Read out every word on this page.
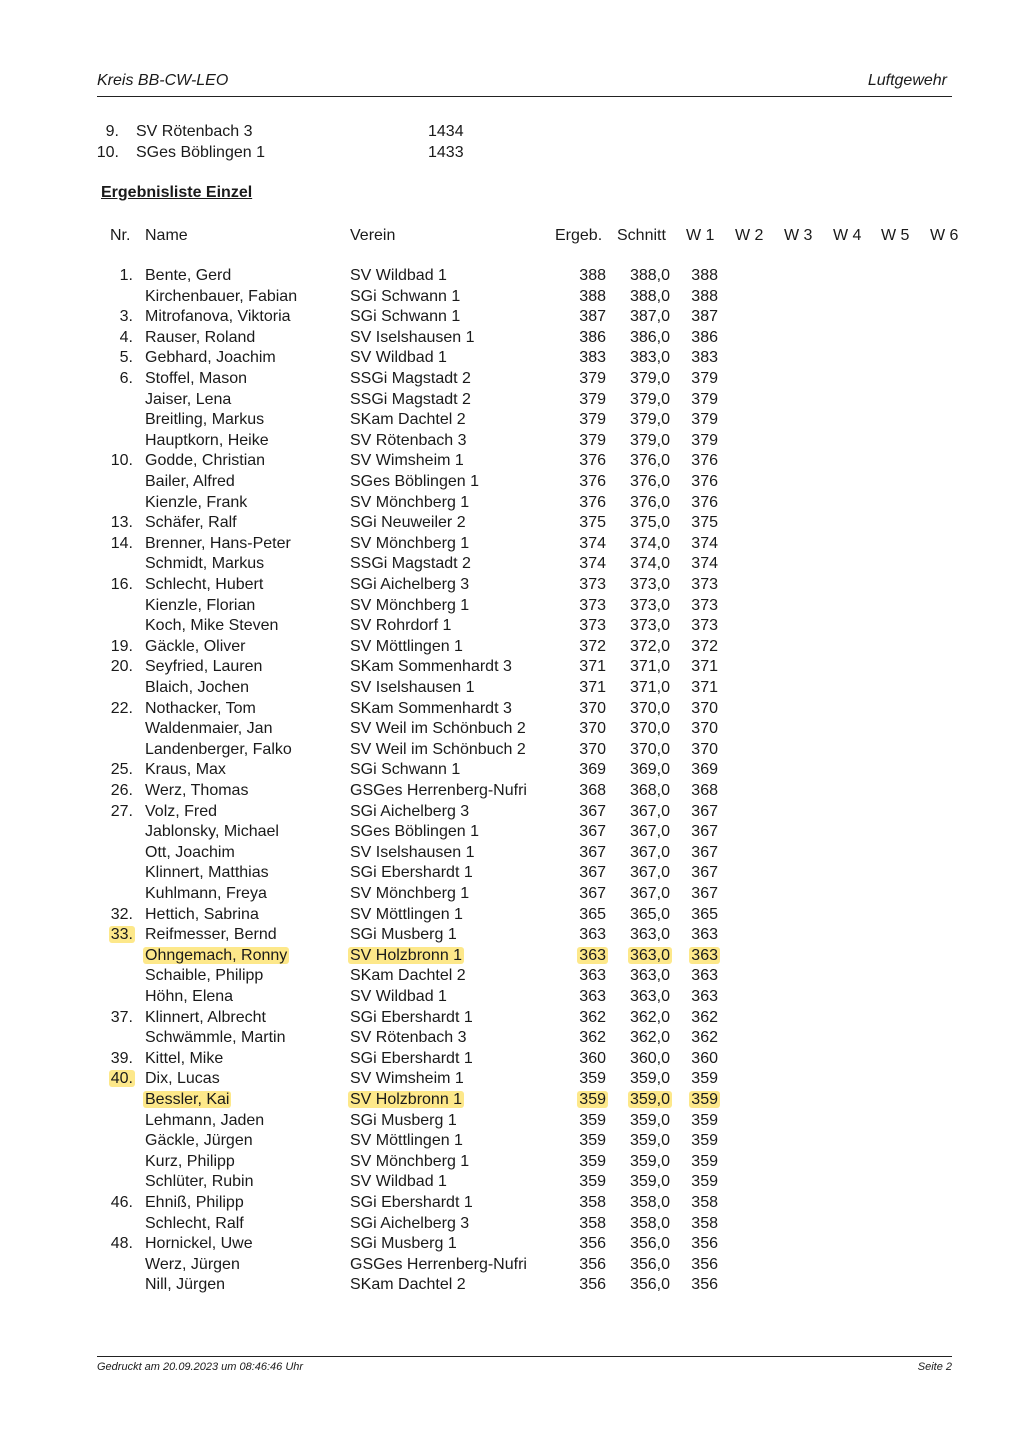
Kreis BB-CW-LEO	Luftgewehr
9. SV Rötenbach 3	1434
10. SGes Böblingen 1	1433
Ergebnisliste Einzel
Nr. Name	Verein	Ergeb. Schnitt W 1 W 2 W 3 W 4 W 5 W 6
1. Bente, Gerd	SV Wildbad 1	388	388,0	388
Kirchenbauer, Fabian	SGi Schwann 1	388	388,0	388
3. Mitrofanova, Viktoria	SGi Schwann 1	387	387,0	387
4. Rauser, Roland	SV Iselshausen 1	386	386,0	386
5. Gebhard, Joachim	SV Wildbad 1	383	383,0	383
6. Stoffel, Mason	SSGi Magstadt 2	379	379,0	379
Jaiser, Lena	SSGi Magstadt 2	379	379,0	379
Breitling, Markus	SKam Dachtel 2	379	379,0	379
Hauptkorn, Heike	SV Rötenbach 3	379	379,0	379
10. Godde, Christian	SV Wimsheim 1	376	376,0	376
Bailer, Alfred	SGes Böblingen 1	376	376,0	376
Kienzle, Frank	SV Mönchberg 1	376	376,0	376
13. Schäfer, Ralf	SGi Neuweiler 2	375	375,0	375
14. Brenner, Hans-Peter	SV Mönchberg 1	374	374,0	374
Schmidt, Markus	SSGi Magstadt 2	374	374,0	374
16. Schlecht, Hubert	SGi Aichelberg 3	373	373,0	373
Kienzle, Florian	SV Mönchberg 1	373	373,0	373
Koch, Mike Steven	SV Rohrdorf 1	373	373,0	373
19. Gäckle, Oliver	SV Möttlingen 1	372	372,0	372
20. Seyfried, Lauren	SKam Sommenhardt 3	371	371,0	371
Blaich, Jochen	SV Iselshausen 1	371	371,0	371
22. Nothacker, Tom	SKam Sommenhardt 3	370	370,0	370
Waldenmaier, Jan	SV Weil im Schönbuch 2	370	370,0	370
Landenberger, Falko	SV Weil im Schönbuch 2	370	370,0	370
25. Kraus, Max	SGi Schwann 1	369	369,0	369
26. Werz, Thomas	GSGes Herrenberg-Nufri	368	368,0	368
27. Volz, Fred	SGi Aichelberg 3	367	367,0	367
Jablonsky, Michael	SGes Böblingen 1	367	367,0	367
Ott, Joachim	SV Iselshausen 1	367	367,0	367
Klinnert, Matthias	SGi Ebershardt 1	367	367,0	367
Kuhlmann, Freya	SV Mönchberg 1	367	367,0	367
32. Hettich, Sabrina	SV Möttlingen 1	365	365,0	365
33. Reifmesser, Bernd	SGi Musberg 1	363	363,0	363
Ohngemach, Ronny	SV Holzbronn 1	363	363,0	363
Schaible, Philipp	SKam Dachtel 2	363	363,0	363
Höhn, Elena	SV Wildbad 1	363	363,0	363
37. Klinnert, Albrecht	SGi Ebershardt 1	362	362,0	362
Schwämmle, Martin	SV Rötenbach 3	362	362,0	362
39. Kittel, Mike	SGi Ebershardt 1	360	360,0	360
40. Dix, Lucas	SV Wimsheim 1	359	359,0	359
Bessler, Kai	SV Holzbronn 1	359	359,0	359
Lehmann, Jaden	SGi Musberg 1	359	359,0	359
Gäckle, Jürgen	SV Möttlingen 1	359	359,0	359
Kurz, Philipp	SV Mönchberg 1	359	359,0	359
Schlüter, Rubin	SV Wildbad 1	359	359,0	359
46. Ehniß, Philipp	SGi Ebershardt 1	358	358,0	358
Schlecht, Ralf	SGi Aichelberg 3	358	358,0	358
48. Hornickel, Uwe	SGi Musberg 1	356	356,0	356
Werz, Jürgen	GSGes Herrenberg-Nufri	356	356,0	356
Nill, Jürgen	SKam Dachtel 2	356	356,0	356
Gedruckt am 20.09.2023 um 08:46:46 Uhr	Seite 2
